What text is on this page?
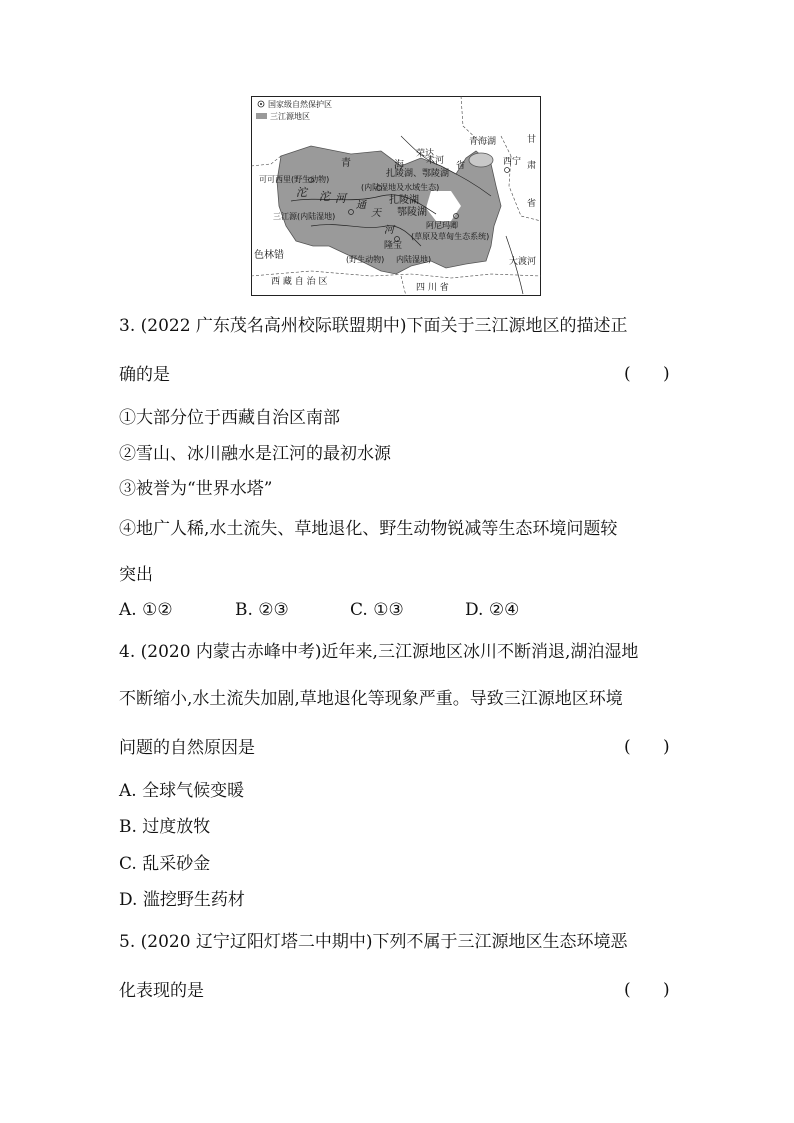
国家级自然保护区
三江源地区
青海湖
荣达
木河 省	西宁
甘
肃
省
青	海
可可西里(野生动物)
沱 沱 河
扎陵湖、鄂陵湖
(内陆湿地及水域生态)
扎陵湖
通
天 鄂陵湖
三江源(内陆湿地)
阿尼玛卿
(草原及草甸生态系统)
河
隆宝
(野生动物) 内陆湿地)
色林错
大渡河
西 藏 自 治 区
四 川 省
3. (2022 广东茂名高州校际联盟期中)下面关于三江源地区的描述正
确的是	(      )
①大部分位于西藏自治区南部
②雪山、冰川融水是江河的最初水源
③被誉为“世界水塔”
④地广人稀,水土流失、草地退化、野生动物锐减等生态环境问题较
突出
A. ①②	B. ②③	C. ①③	D. ②④
4. (2020 内蒙古赤峰中考)近年来,三江源地区冰川不断消退,湖泊湿地
不断缩小,水土流失加剧,草地退化等现象严重。导致三江源地区环境
问题的自然原因是	(      )
A. 全球气候变暖
B. 过度放牧
C. 乱采砂金
D. 滥挖野生药材
5. (2020 辽宁辽阳灯塔二中期中)下列不属于三江源地区生态环境恶
化表现的是	(      )
